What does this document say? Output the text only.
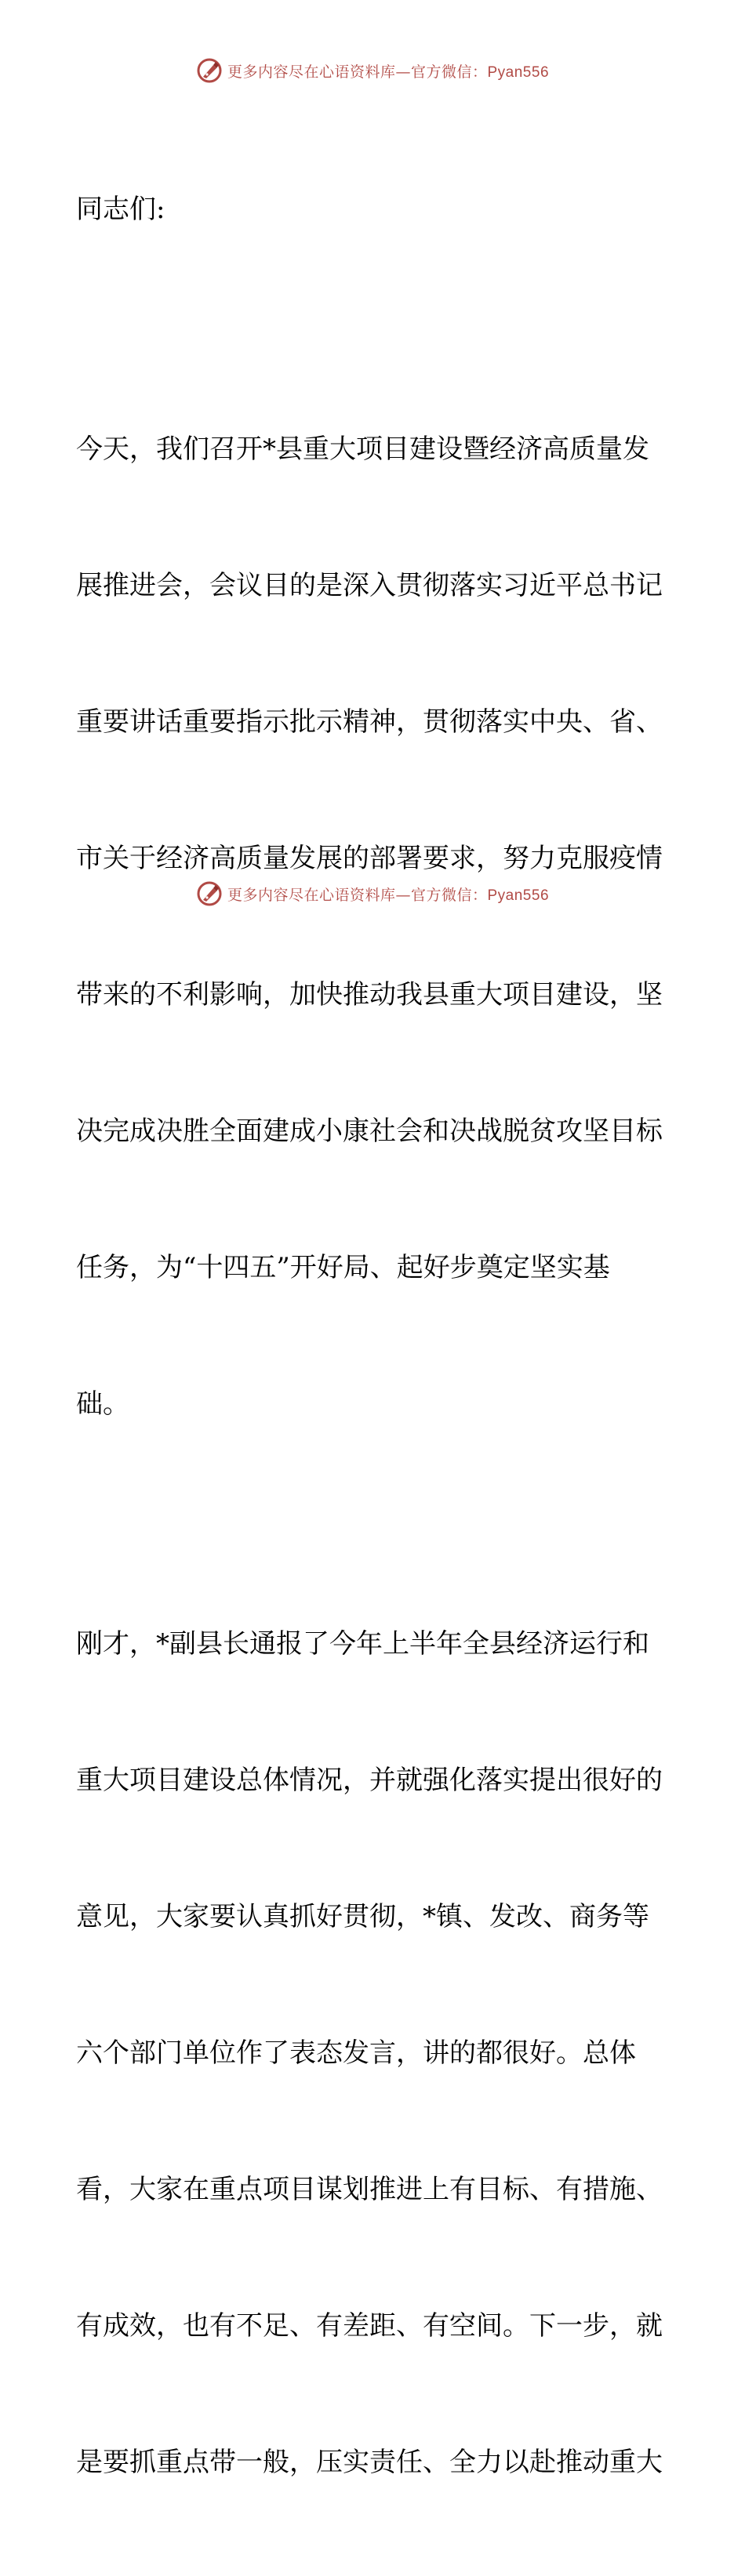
更多内容尽在心语资料库—官方微信：Pyan556

同志们:

今天，我们召开*县重大项目建设暨经济高质量发

展推进会，会议目的是深入贯彻落实习近平总书记

重要讲话重要指示批示精神，贯彻落实中央、省、

市关于经济高质量发展的部署要求，努力克服疫情

带来的不利影响，加快推动我县重大项目建设，坚

决完成决胜全面建成小康社会和决战脱贫攻坚目标

任务，为“十四五”开好局、起好步奠定坚实基

础。

刚才，*副县长通报了今年上半年全县经济运行和

重大项目建设总体情况，并就强化落实提出很好的

意见，大家要认真抓好贯彻，*镇、发改、商务等

六个部门单位作了表态发言，讲的都很好。总体

看，大家在重点项目谋划推进上有目标、有措施、

有成效，也有不足、有差距、有空间。下一步，就

是要抓重点带一般，压实责任、全力以赴推动重大

更多内容尽在心语资料库—官方微信：Pyan556
